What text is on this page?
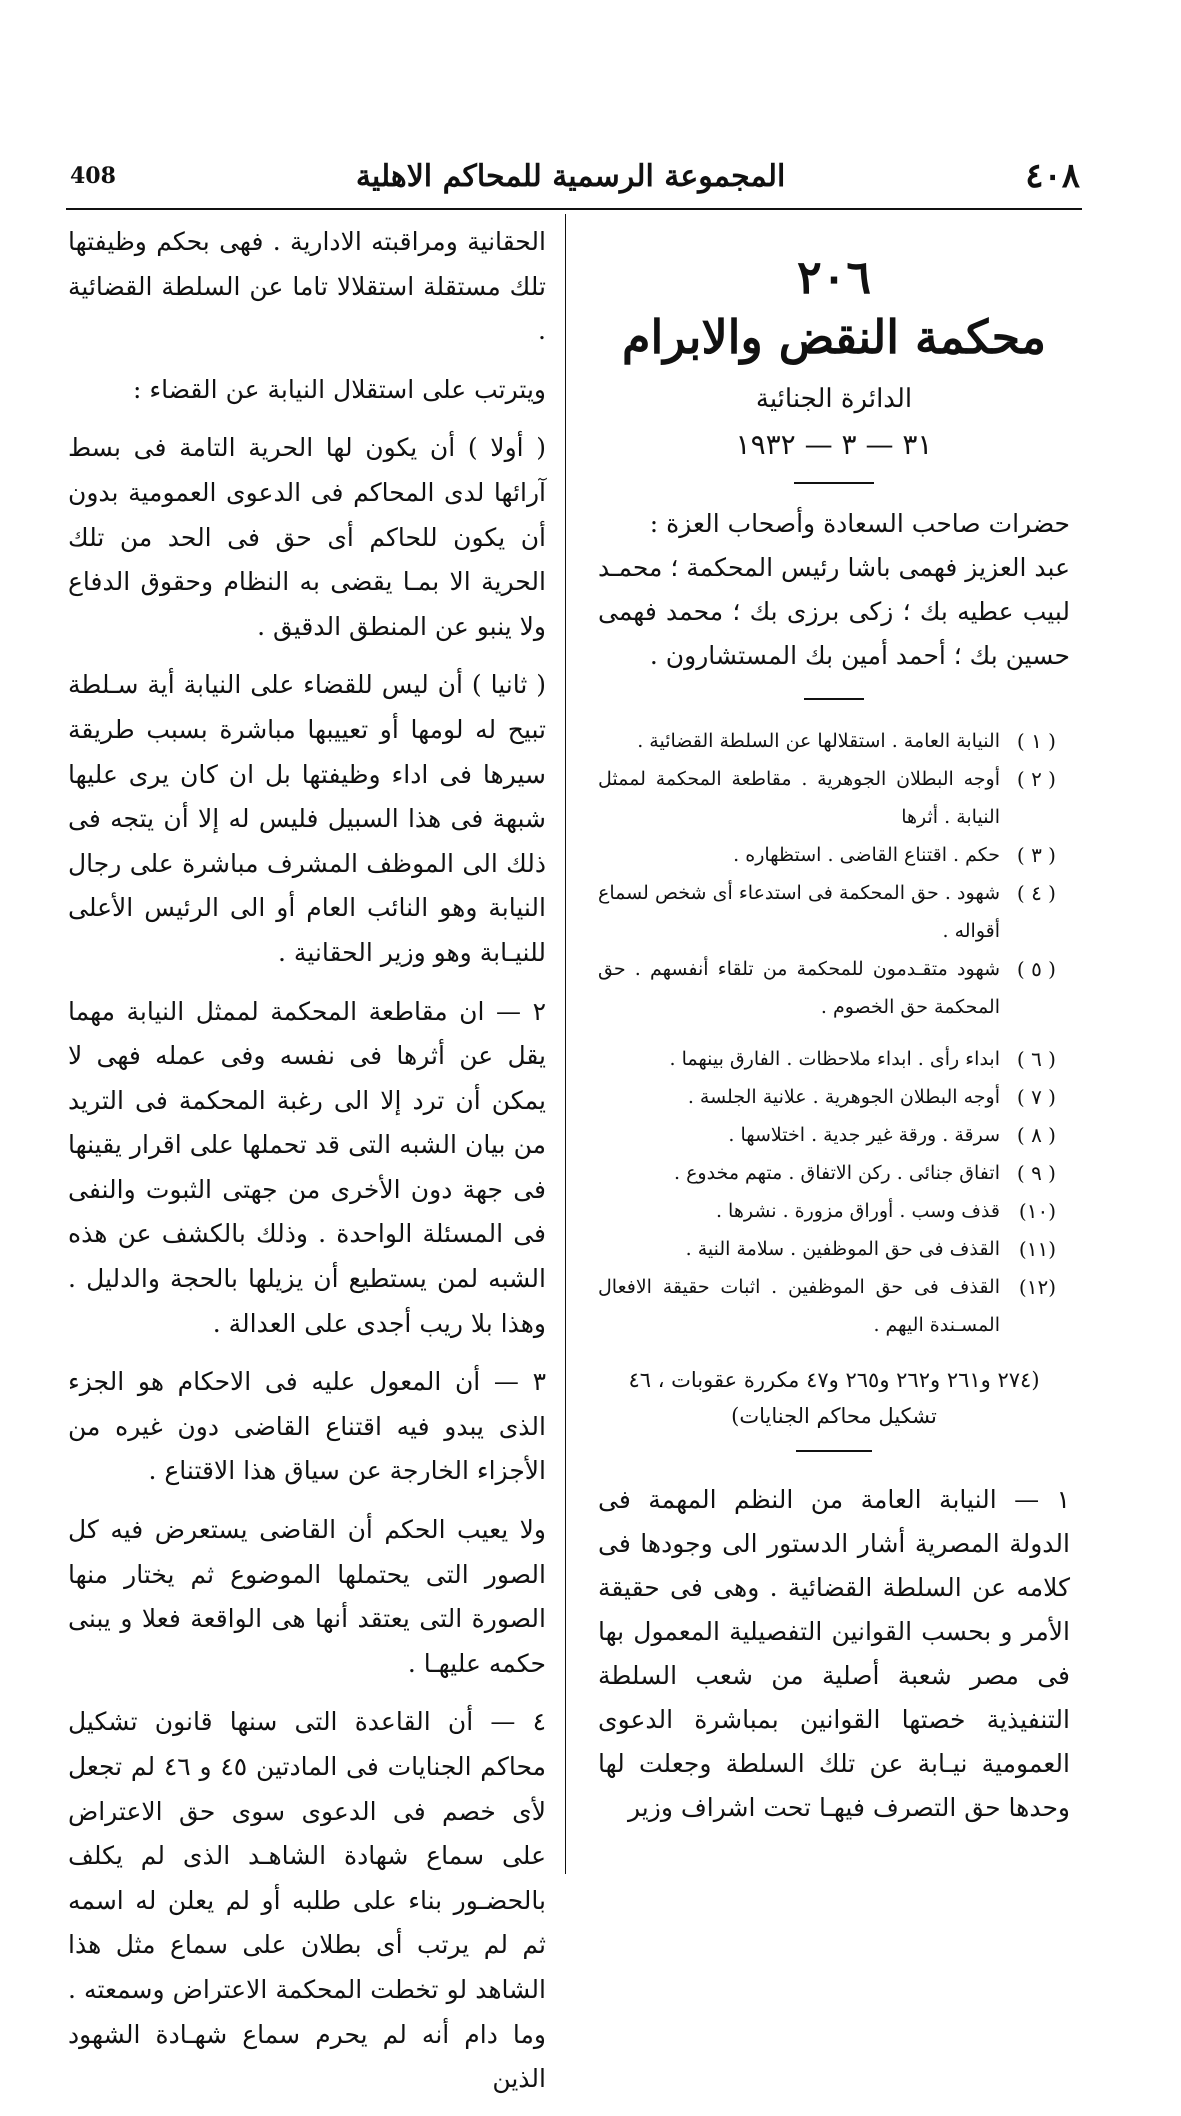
408	المجموعة الرسمية للمحاكم الاهلية	٤٠٨
٢٠٦
محكمة النقض والابرام
الدائرة الجنائية
٣١ — ٣ — ١٩٣٢

حضرات صاحب السعادة وأصحاب العزة :

عبد العزيز فهمى باشا رئيس المحكمة ؛ محمـد لبيب عطيه بك ؛ زكى برزى بك ؛ محمد فهمى حسين بك ؛ أحمد أمين بك المستشارون .

( ١ )
النيابة العامة . استقلالها عن السلطة القضائية .
( ٢ )
أوجه البطلان الجوهرية . مقاطعة المحكمة لممثل النيابة . أثرها
( ٣ )
حكم . اقتناع القاضى . استظهاره .
( ٤ )
شهود . حق المحكمة فى استدعاء أى شخص لسماع أقواله .
( ٥ )
شهود متقـدمون للمحكمة من تلقاء أنفسهم . حق المحكمة حق الخصوم .
( ٦ )
ابداء رأى . ابداء ملاحظات . الفارق بينهما .
( ٧ )
أوجه البطلان الجوهرية . علانية الجلسة .
( ٨ )
سرقة . ورقة غير جدية . اختلاسها .
( ٩ )
اتفاق جنائى . ركن الاتفاق . متهم مخدوع .
(١٠)
قذف وسب . أوراق مزورة . نشرها .
(١١)
القذف فى حق الموظفين . سلامة النية .
(١٢)
القذف فى حق الموظفين . اثبات حقيقة الافعال المسـندة اليهم .

(٢٧٤ و٢٦١ و٢٦٢ و٢٦٥ و٤٧ مكررة عقوبات ، ٤٦ تشكيل محاكم الجنايات)

١ — النيابة العامة من النظم المهمة فى الدولة المصرية أشار الدستور الى وجودها فى كلامه عن السلطة القضائية . وهى فى حقيقة الأمر و بحسب القوانين التفصيلية المعمول بها فى مصر شعبة أصلية من شعب السلطة التنفيذية خصتها القوانين بمباشرة الدعوى العمومية نيـابة عن تلك السلطة وجعلت لها وحدها حق التصرف فيهـا تحت اشراف وزير

الحقانية ومراقبته الادارية . فهى بحكم وظيفتها تلك مستقلة استقلالا تاما عن السلطة القضائية .

ويترتب على استقلال النيابة عن القضاء :

( أولا ) أن يكون لها الحرية التامة فى بسط آرائها لدى المحاكم فى الدعوى العمومية بدون أن يكون للحاكم أى حق فى الحد من تلك الحرية الا بمـا يقضى به النظام وحقوق الدفاع ولا ينبو عن المنطق الدقيق .

( ثانيا ) أن ليس للقضاء على النيابة أية سـلطة تبيح له لومها أو تعييبها مباشرة بسبب طريقة سيرها فى اداء وظيفتها بل ان كان يرى عليها شبهة فى هذا السبيل فليس له إلا أن يتجه فى ذلك الى الموظف المشرف مباشرة على رجال النيابة وهو النائب العام أو الى الرئيس الأعلى للنيـابة وهو وزير الحقانية .

٢ — ان مقاطعة المحكمة لممثل النيابة مهما يقل عن أثرها فى نفسه وفى عمله فهى لا يمكن أن ترد إلا الى رغبة المحكمة فى التريد من بيان الشبه التى قد تحملها على اقرار يقينها فى جهة دون الأخرى من جهتى الثبوت والنفى فى المسئلة الواحدة . وذلك بالكشف عن هذه الشبه لمن يستطيع أن يزيلها بالحجة والدليل . وهذا بلا ريب أجدى على العدالة .

٣ — أن المعول عليه فى الاحكام هو الجزء الذى يبدو فيه اقتناع القاضى دون غيره من الأجزاء الخارجة عن سياق هذا الاقتناع .

ولا يعيب الحكم أن القاضى يستعرض فيه كل الصور التى يحتملها الموضوع ثم يختار منها الصورة التى يعتقد أنها هى الواقعة فعلا و يبنى حكمه عليهـا .

٤ — أن القاعدة التى سنها قانون تشكيل محاكم الجنايات فى المادتين ٤٥ و ٤٦ لم تجعل لأى خصم فى الدعوى سوى حق الاعتراض على سماع شهادة الشاهـد الذى لم يكلف بالحضـور بناء على طلبه أو لم يعلن له اسمه ثم لم يرتب أى بطلان على سماع مثل هذا الشاهد لو تخطت المحكمة الاعتراض وسمعته . وما دام أنه لم يحرم سماع شهـادة الشهود الذين
